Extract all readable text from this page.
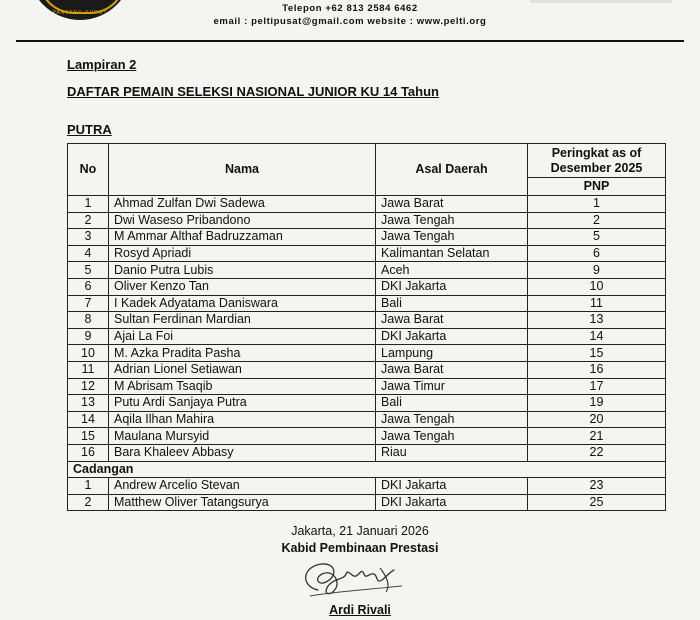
PANTANG SURUT	Telepon +62 813 2584 6462
email : peltipusat@gmail.com website : www.pelti.org
Lampiran 2
DAFTAR PEMAIN SELEKSI NASIONAL JUNIOR KU 14 Tahun
PUTRA
No	Nama	Asal Daerah	Peringkat as of Desember 2025
			PNP
1	Ahmad Zulfan Dwi Sadewa	Jawa Barat	1
2	Dwi Waseso Pribandono	Jawa Tengah	2
3	M Ammar Althaf Badruzzaman	Jawa Tengah	5
4	Rosyd Apriadi	Kalimantan Selatan	6
5	Danio Putra Lubis	Aceh	9
6	Oliver Kenzo Tan	DKI Jakarta	10
7	I Kadek Adyatama Daniswara	Bali	11
8	Sultan Ferdinan Mardian	Jawa Barat	13
9	Ajai La Foi	DKI Jakarta	14
10	M. Azka Pradita Pasha	Lampung	15
11	Adrian Lionel Setiawan	Jawa Barat	16
12	M Abrisam Tsaqib	Jawa Timur	17
13	Putu Ardi Sanjaya Putra	Bali	19
14	Aqila Ilhan Mahira	Jawa Tengah	20
15	Maulana Mursyid	Jawa Tengah	21
16	Bara Khaleev Abbasy	Riau	22
Cadangan			
1	Andrew Arcelio Stevan	DKI Jakarta	23
2	Matthew Oliver Tatangsurya	DKI Jakarta	25
Jakarta, 21 Januari 2026
Kabid Pembinaan Prestasi
Ardi Rivali
